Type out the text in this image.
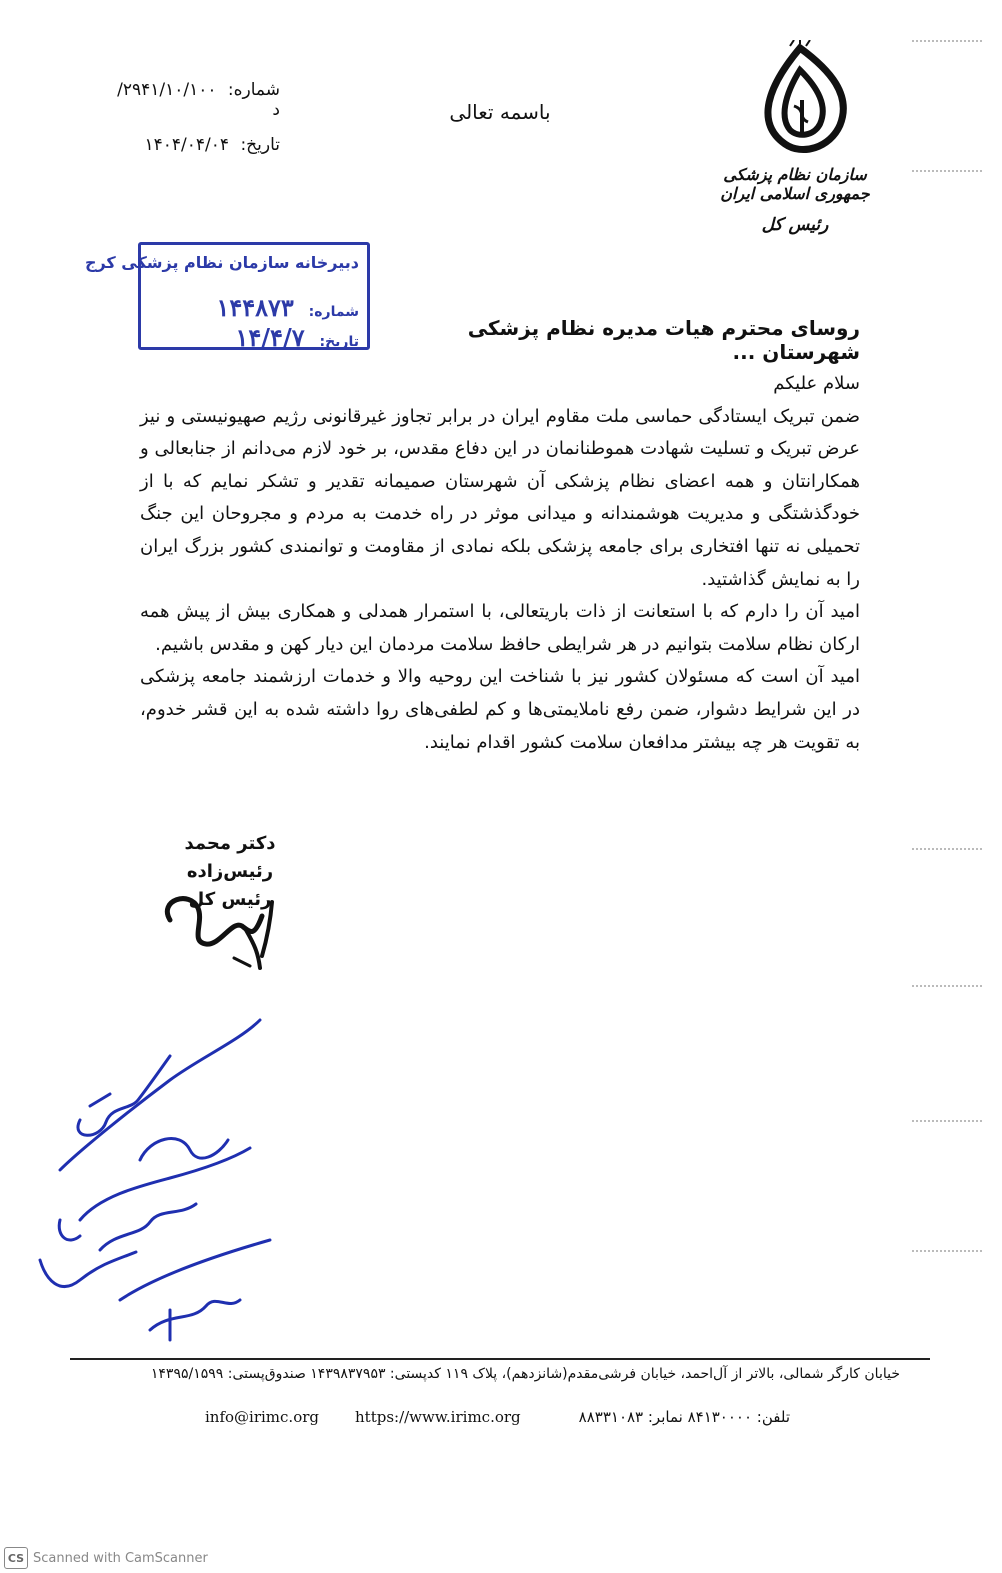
شماره: ۲۹۴۱/۱۰/۱۰۰/د
تاریخ: ۱۴۰۴/۰۴/۰۴
باسمه تعالی
سازمان نظام پزشکی جمهوری اسلامی ایران
رئیس کل
دبیرخانه سازمان نظام پزشکی کرج
شماره: ۱۴۴۸۷۳
تاریخ: ۱۴/۴/۷	روسای محترم هیات مدیره نظام پزشکی شهرستان ...

سلام علیکم

ضمن تبریک ایستادگی حماسی ملت مقاوم ایران در برابر تجاوز غیرقانونی رژیم صهیونیستی و نیز عرض تبریک و تسلیت شهادت هموطنانمان در این دفاع مقدس، بر خود لازم می‌دانم از جنابعالی و همکارانتان و همه اعضای نظام پزشکی آن شهرستان صمیمانه تقدیر و تشکر نمایم که با از خودگذشتگی و مدیریت هوشمندانه و میدانی موثر در راه خدمت به مردم و مجروحان این جنگ تحمیلی نه تنها افتخاری برای جامعه پزشکی بلکه نمادی از مقاومت و توانمندی کشور بزرگ ایران را به نمایش گذاشتید.

امید آن را دارم که با استعانت از ذات باریتعالی، با استمرار همدلی و همکاری بیش از پیش همه ارکان نظام سلامت بتوانیم در هر شرایطی حافظ سلامت مردمان این دیار کهن و مقدس باشیم.

امید آن است که مسئولان کشور نیز با شناخت این روحیه والا و خدمات ارزشمند جامعه پزشکی در این شرایط دشوار، ضمن رفع ناملایمتی‌ها و کم لطفی‌های روا داشته شده به این قشر خدوم، به تقویت هر چه بیشتر مدافعان سلامت کشور اقدام نمایند.

دکتر محمد رئیس‌زاده
رئیس کل
خیابان کارگر شمالی، بالاتر از آل‌احمد، خیابان فرشی‌مقدم(شانزدهم)، پلاک ۱۱۹ کدپستی: ۱۴۳۹۸۳۷۹۵۳ صندوق‌پستی: ۱۴۳۹۵/۱۵۹۹
info@irimc.org https://www.irimc.org	تلفن: ۸۴۱۳۰۰۰۰ نمابر: ۸۸۳۳۱۰۸۳
CS Scanned with CamScanner
